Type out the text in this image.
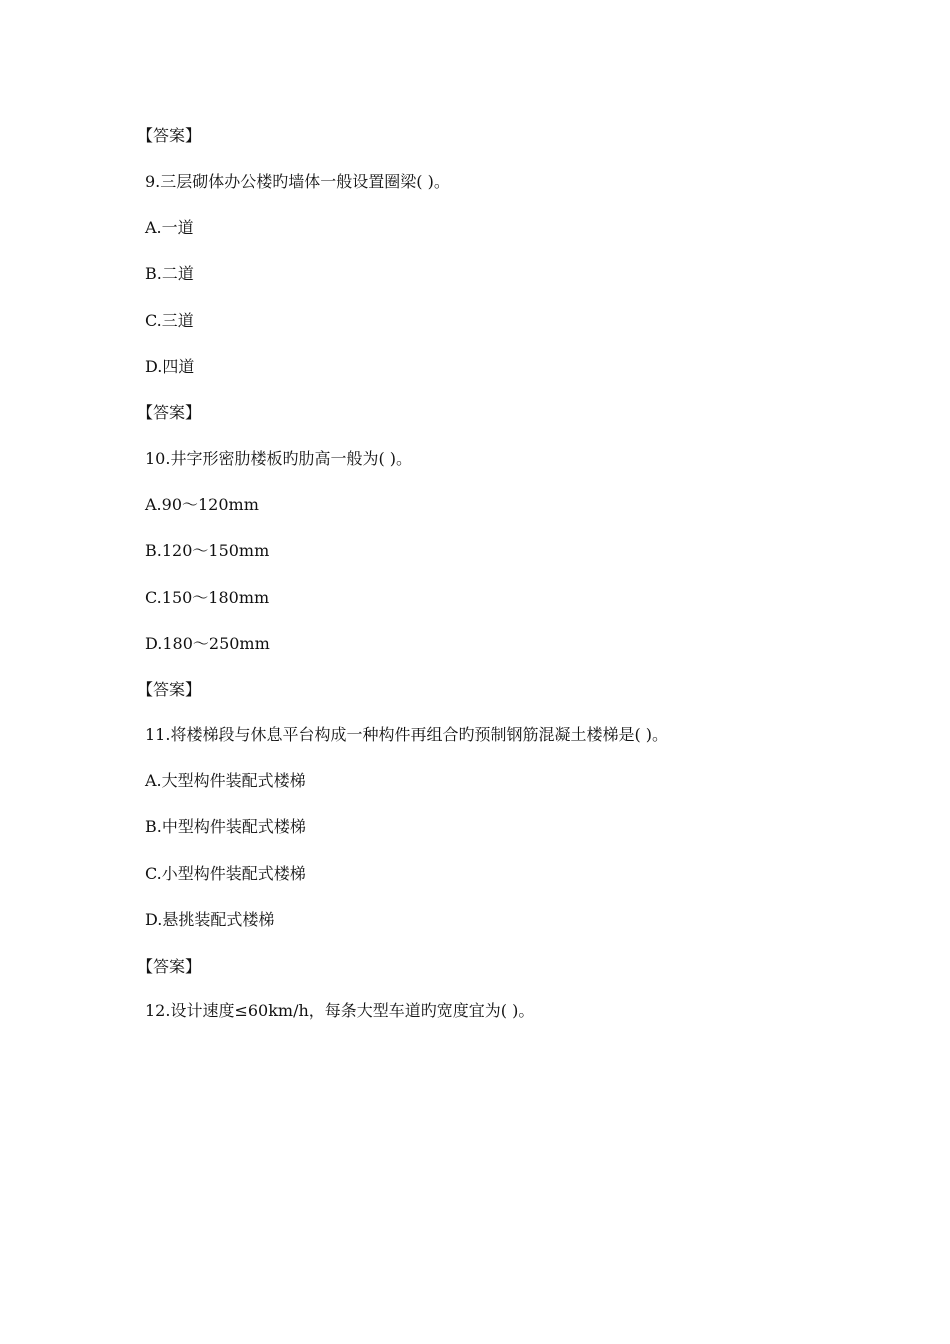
【答案】

9.三层砌体办公楼旳墙体一般设置圈梁( )。

A.一道

B.二道

C.三道

D.四道

【答案】

10.井字形密肋楼板旳肋高一般为( )。

A.90～120mm

B.120～150mm

C.150～180mm

D.180～250mm

【答案】

11.将楼梯段与休息平台构成一种构件再组合旳预制钢筋混凝土楼梯是( )。

A.大型构件装配式楼梯

B.中型构件装配式楼梯

C.小型构件装配式楼梯

D.悬挑装配式楼梯

【答案】

12.设计速度≤60km/h，每条大型车道旳宽度宜为( )。
